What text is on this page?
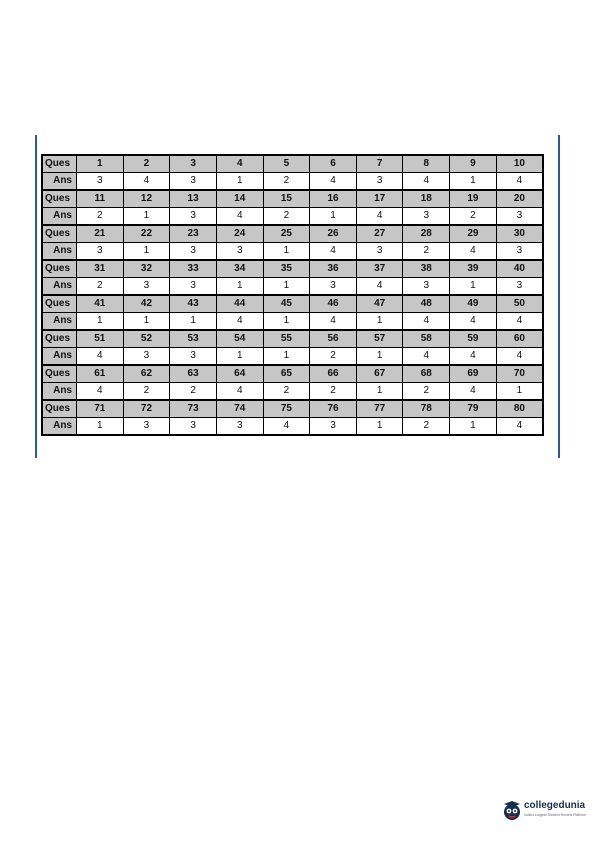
Ques	1	2	3	4	5	6	7	8	9	10
Ans	3	4	3	1	2	4	3	4	1	4
Ques	11	12	13	14	15	16	17	18	19	20
Ans	2	1	3	4	2	1	4	3	2	3
Ques	21	22	23	24	25	26	27	28	29	30
Ans	3	1	3	3	1	4	3	2	4	3
Ques	31	32	33	34	35	36	37	38	39	40
Ans	2	3	3	1	1	3	4	3	1	3
Ques	41	42	43	44	45	46	47	48	49	50
Ans	1	1	1	4	1	4	1	4	4	4
Ques	51	52	53	54	55	56	57	58	59	60
Ans	4	3	3	1	1	2	1	4	4	4
Ques	61	62	63	64	65	66	67	68	69	70
Ans	4	2	2	4	2	2	1	2	4	1
Ques	71	72	73	74	75	76	77	78	79	80
Ans	1	3	3	3	4	3	1	2	1	4
collegedunia
India's Largest Student Review Platform
